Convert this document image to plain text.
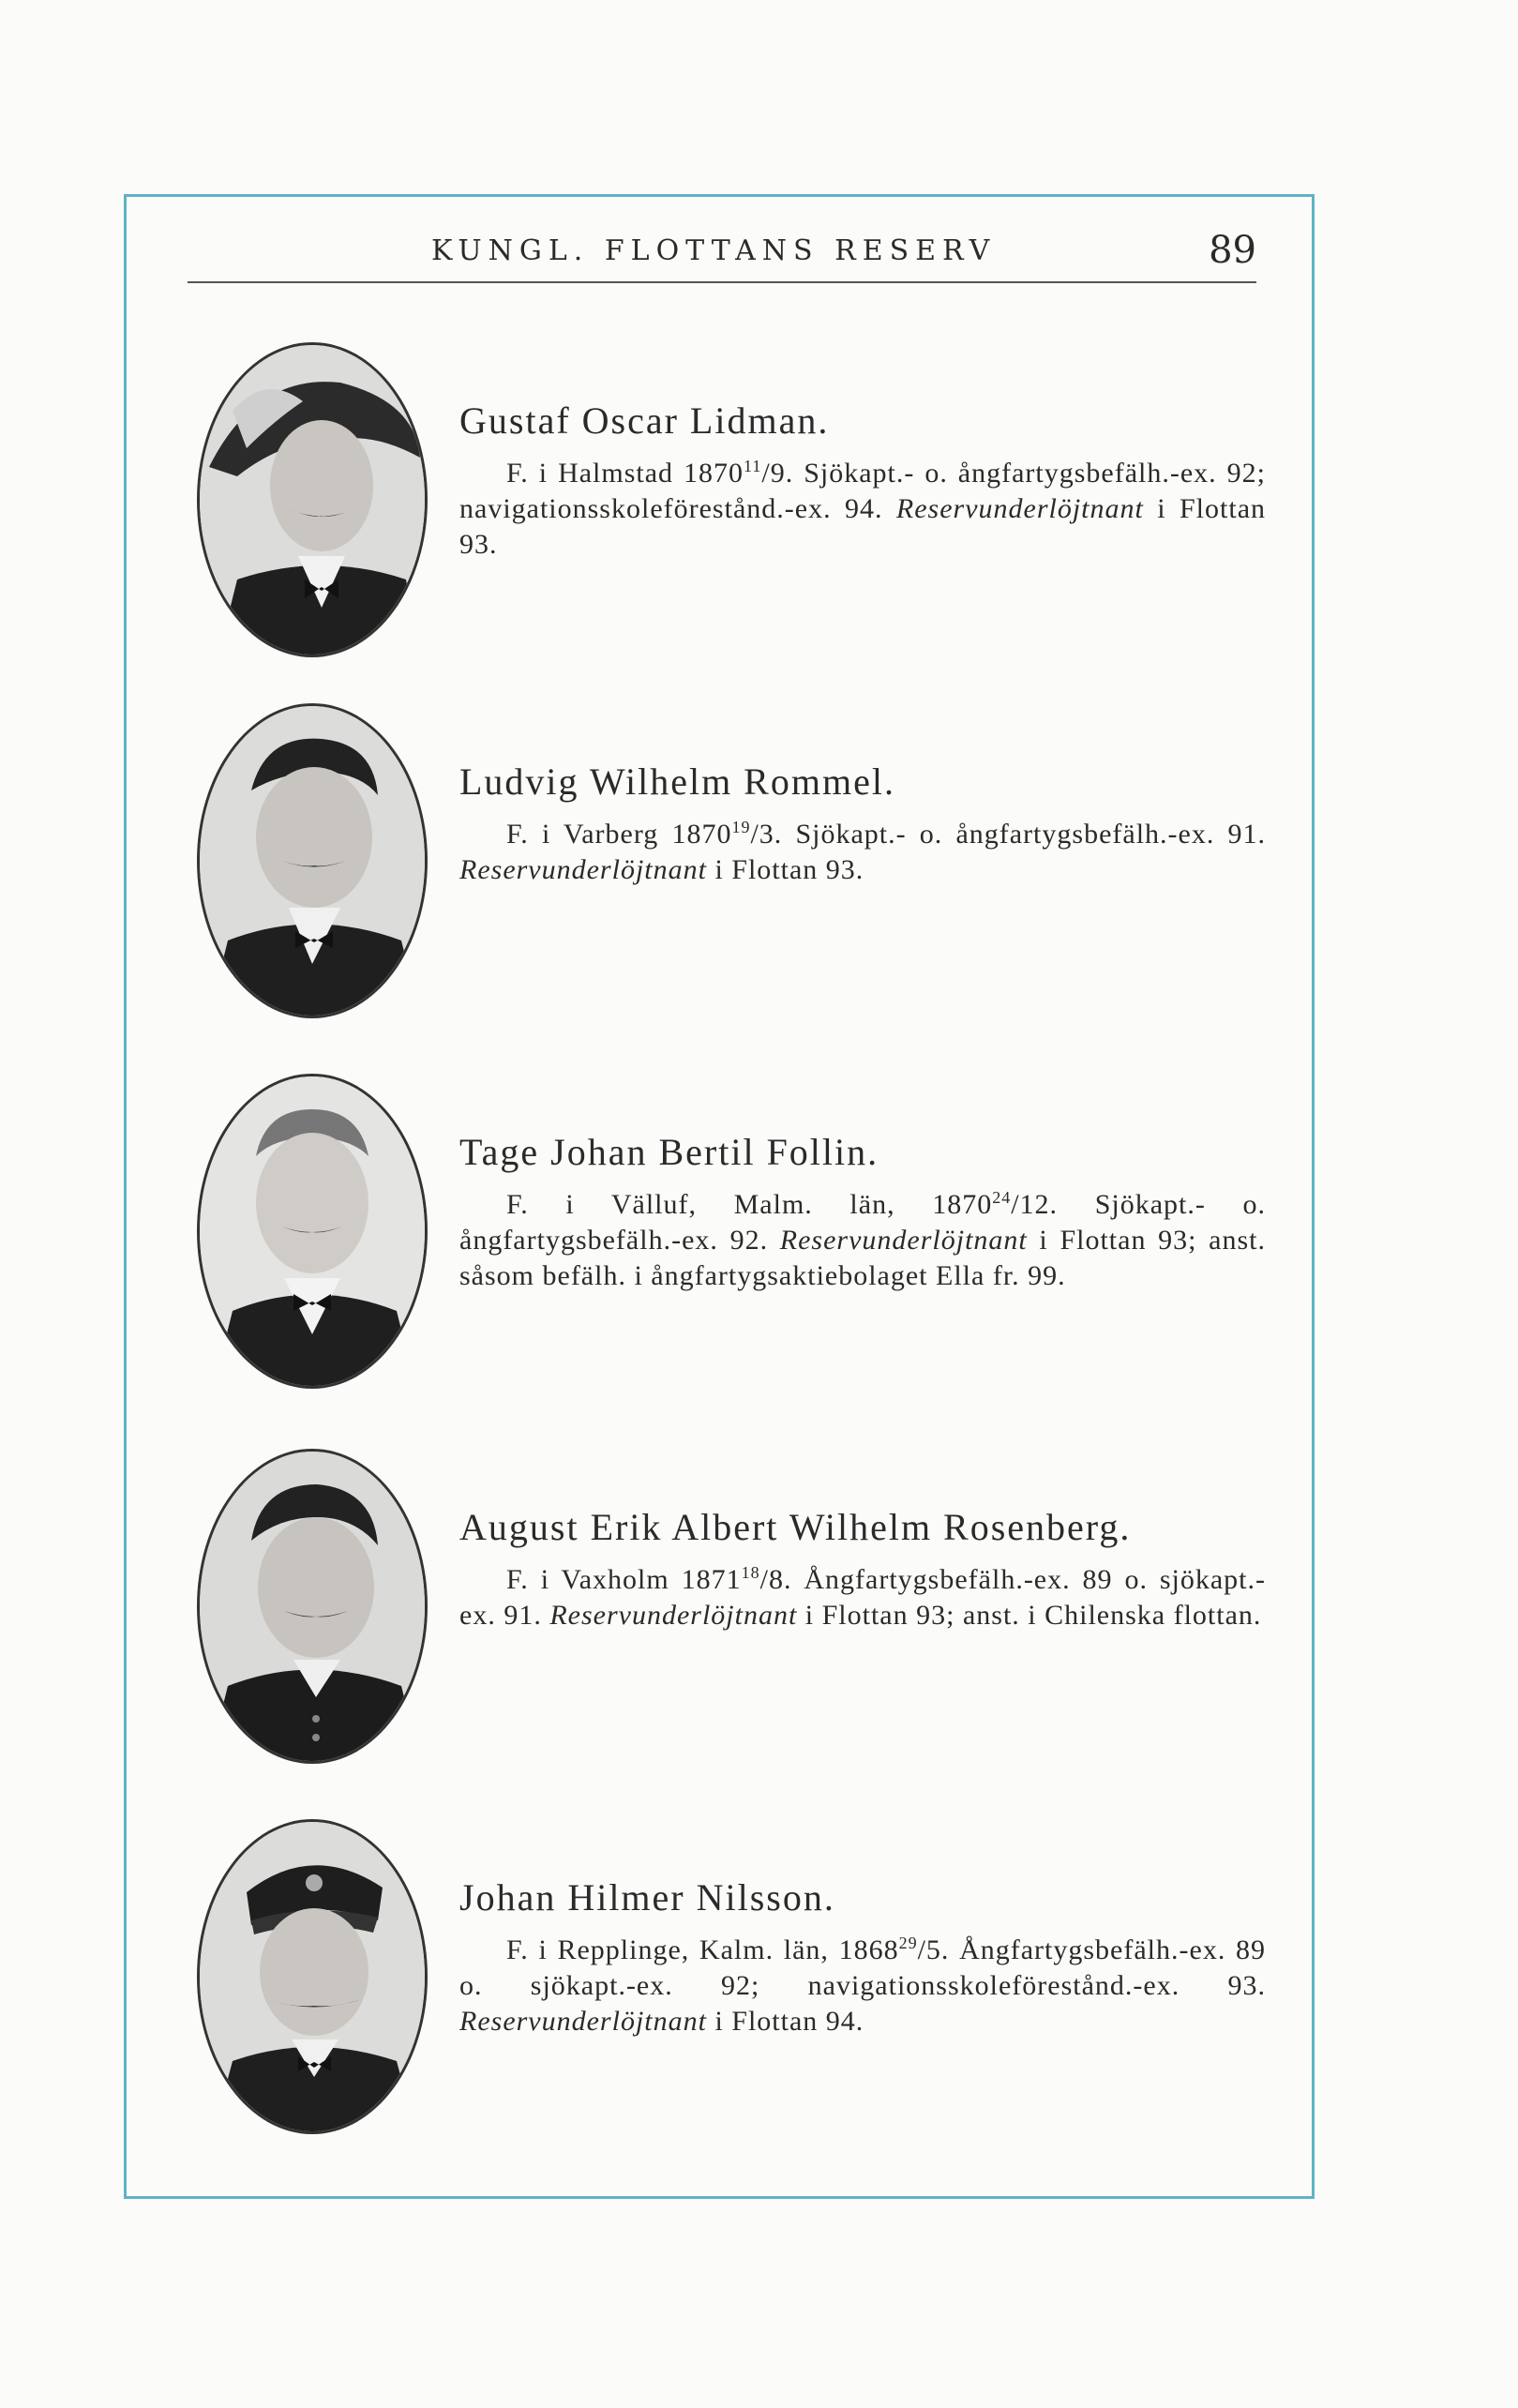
KUNGL. FLOTTANS RESERV	89
Gustaf Oscar Lidman.

F. i Halmstad 1870$^{11}$/9. Sjökapt.- o. ångfartygsbefälh.-ex. 92; navigationsskoleförestånd.-ex. 94. Reservunderlöjtnant i Flottan 93.

Ludvig Wilhelm Rommel.

F. i Varberg 1870$^{19}$/3. Sjökapt.- o. ångfartygsbefälh.-ex. 91. Reservunderlöjtnant i Flottan 93.

Tage Johan Bertil Follin.

F. i Välluf, Malm. län, 1870$^{24}$/12. Sjökapt.- o. ångfartygsbefälh.-ex. 92. Reservunderlöjtnant i Flottan 93; anst. såsom befälh. i ångfartygsaktiebolaget Ella fr. 99.

August Erik Albert Wilhelm Rosenberg.

F. i Vaxholm 1871$^{18}$/8. Ångfartygsbefälh.-ex. 89 o. sjökapt.-ex. 91. Reservunderlöjtnant i Flottan 93; anst. i Chilenska flottan.

Johan Hilmer Nilsson.

F. i Repplinge, Kalm. län, 1868$^{29}$/5. Ångfartygsbefälh.-ex. 89 o. sjökapt.-ex. 92; navigationsskoleförestånd.-ex. 93. Reservunderlöjtnant i Flottan 94.
